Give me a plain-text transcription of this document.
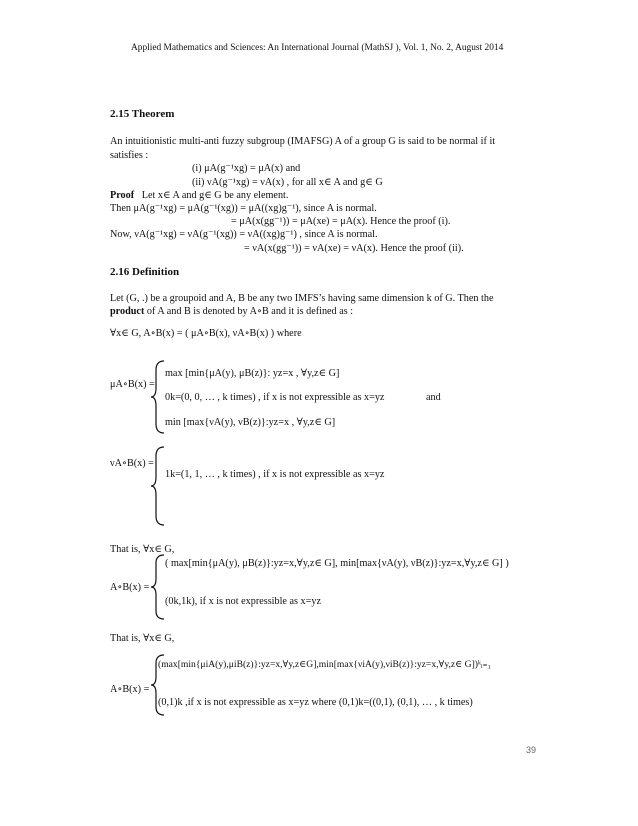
Applied Mathematics and Sciences: An International Journal (MathSJ ), Vol. 1, No. 2, August 2014
2.15 Theorem
An intuitionistic multi-anti fuzzy subgroup (IMAFSG) A of a group G is said to be normal if it
satisfies :
(i) μA(g⁻¹xg) = μA(x) and
(ii) νA(g⁻¹xg) = νA(x) , for all x∈ A and g∈ G
Proof Let x∈ A and g∈ G be any element.
Then μA(g⁻¹xg) = μA(g⁻¹(xg)) = μA((xg)g⁻¹), since A is normal.
= μA(x(gg⁻¹)) = μA(xe) = μA(x). Hence the proof (i).
Now, νA(g⁻¹xg) = νA(g⁻¹(xg)) = νA((xg)g⁻¹) , since A is normal.
= νA(x(gg⁻¹)) = νA(xe) = νA(x). Hence the proof (ii).
2.16 Definition
Let (G, .) be a groupoid and A, B be any two IMFS’s having same dimension k of G. Then the
product of A and B is denoted by A∘B and it is defined as :
∀x∈ G, A∘B(x) = ( μA∘B(x), νA∘B(x) ) where
μA∘B(x) =
max [min{μA(y), μB(z)}: yz=x , ∀y,z∈ G]
0k=(0, 0, … , k times) , if x is not expressible as x=yz	and
min [max{νA(y), νB(z)}:yz=x , ∀y,z∈ G]
νA∘B(x) =
1k=(1, 1, … , k times) , if x is not expressible as x=yz
That is, ∀x∈ G,
A∘B(x) =
( max[min{μA(y), μB(z)}:yz=x,∀y,z∈ G], min[max{νA(y), νB(z)}:yz=x,∀y,z∈ G] )
(0k,1k), if x is not expressible as x=yz
That is, ∀x∈ G,
A∘B(x) =
(max[min{μiA(y),μiB(z)}:yz=x,∀y,z∈G],min[max{νiA(y),νiB(z)}:yz=x,∀y,z∈ G])ᵏᵢ₌₁
(0,1)k ,if x is not expressible as x=yz where (0,1)k=((0,1), (0,1), … , k times)
39
